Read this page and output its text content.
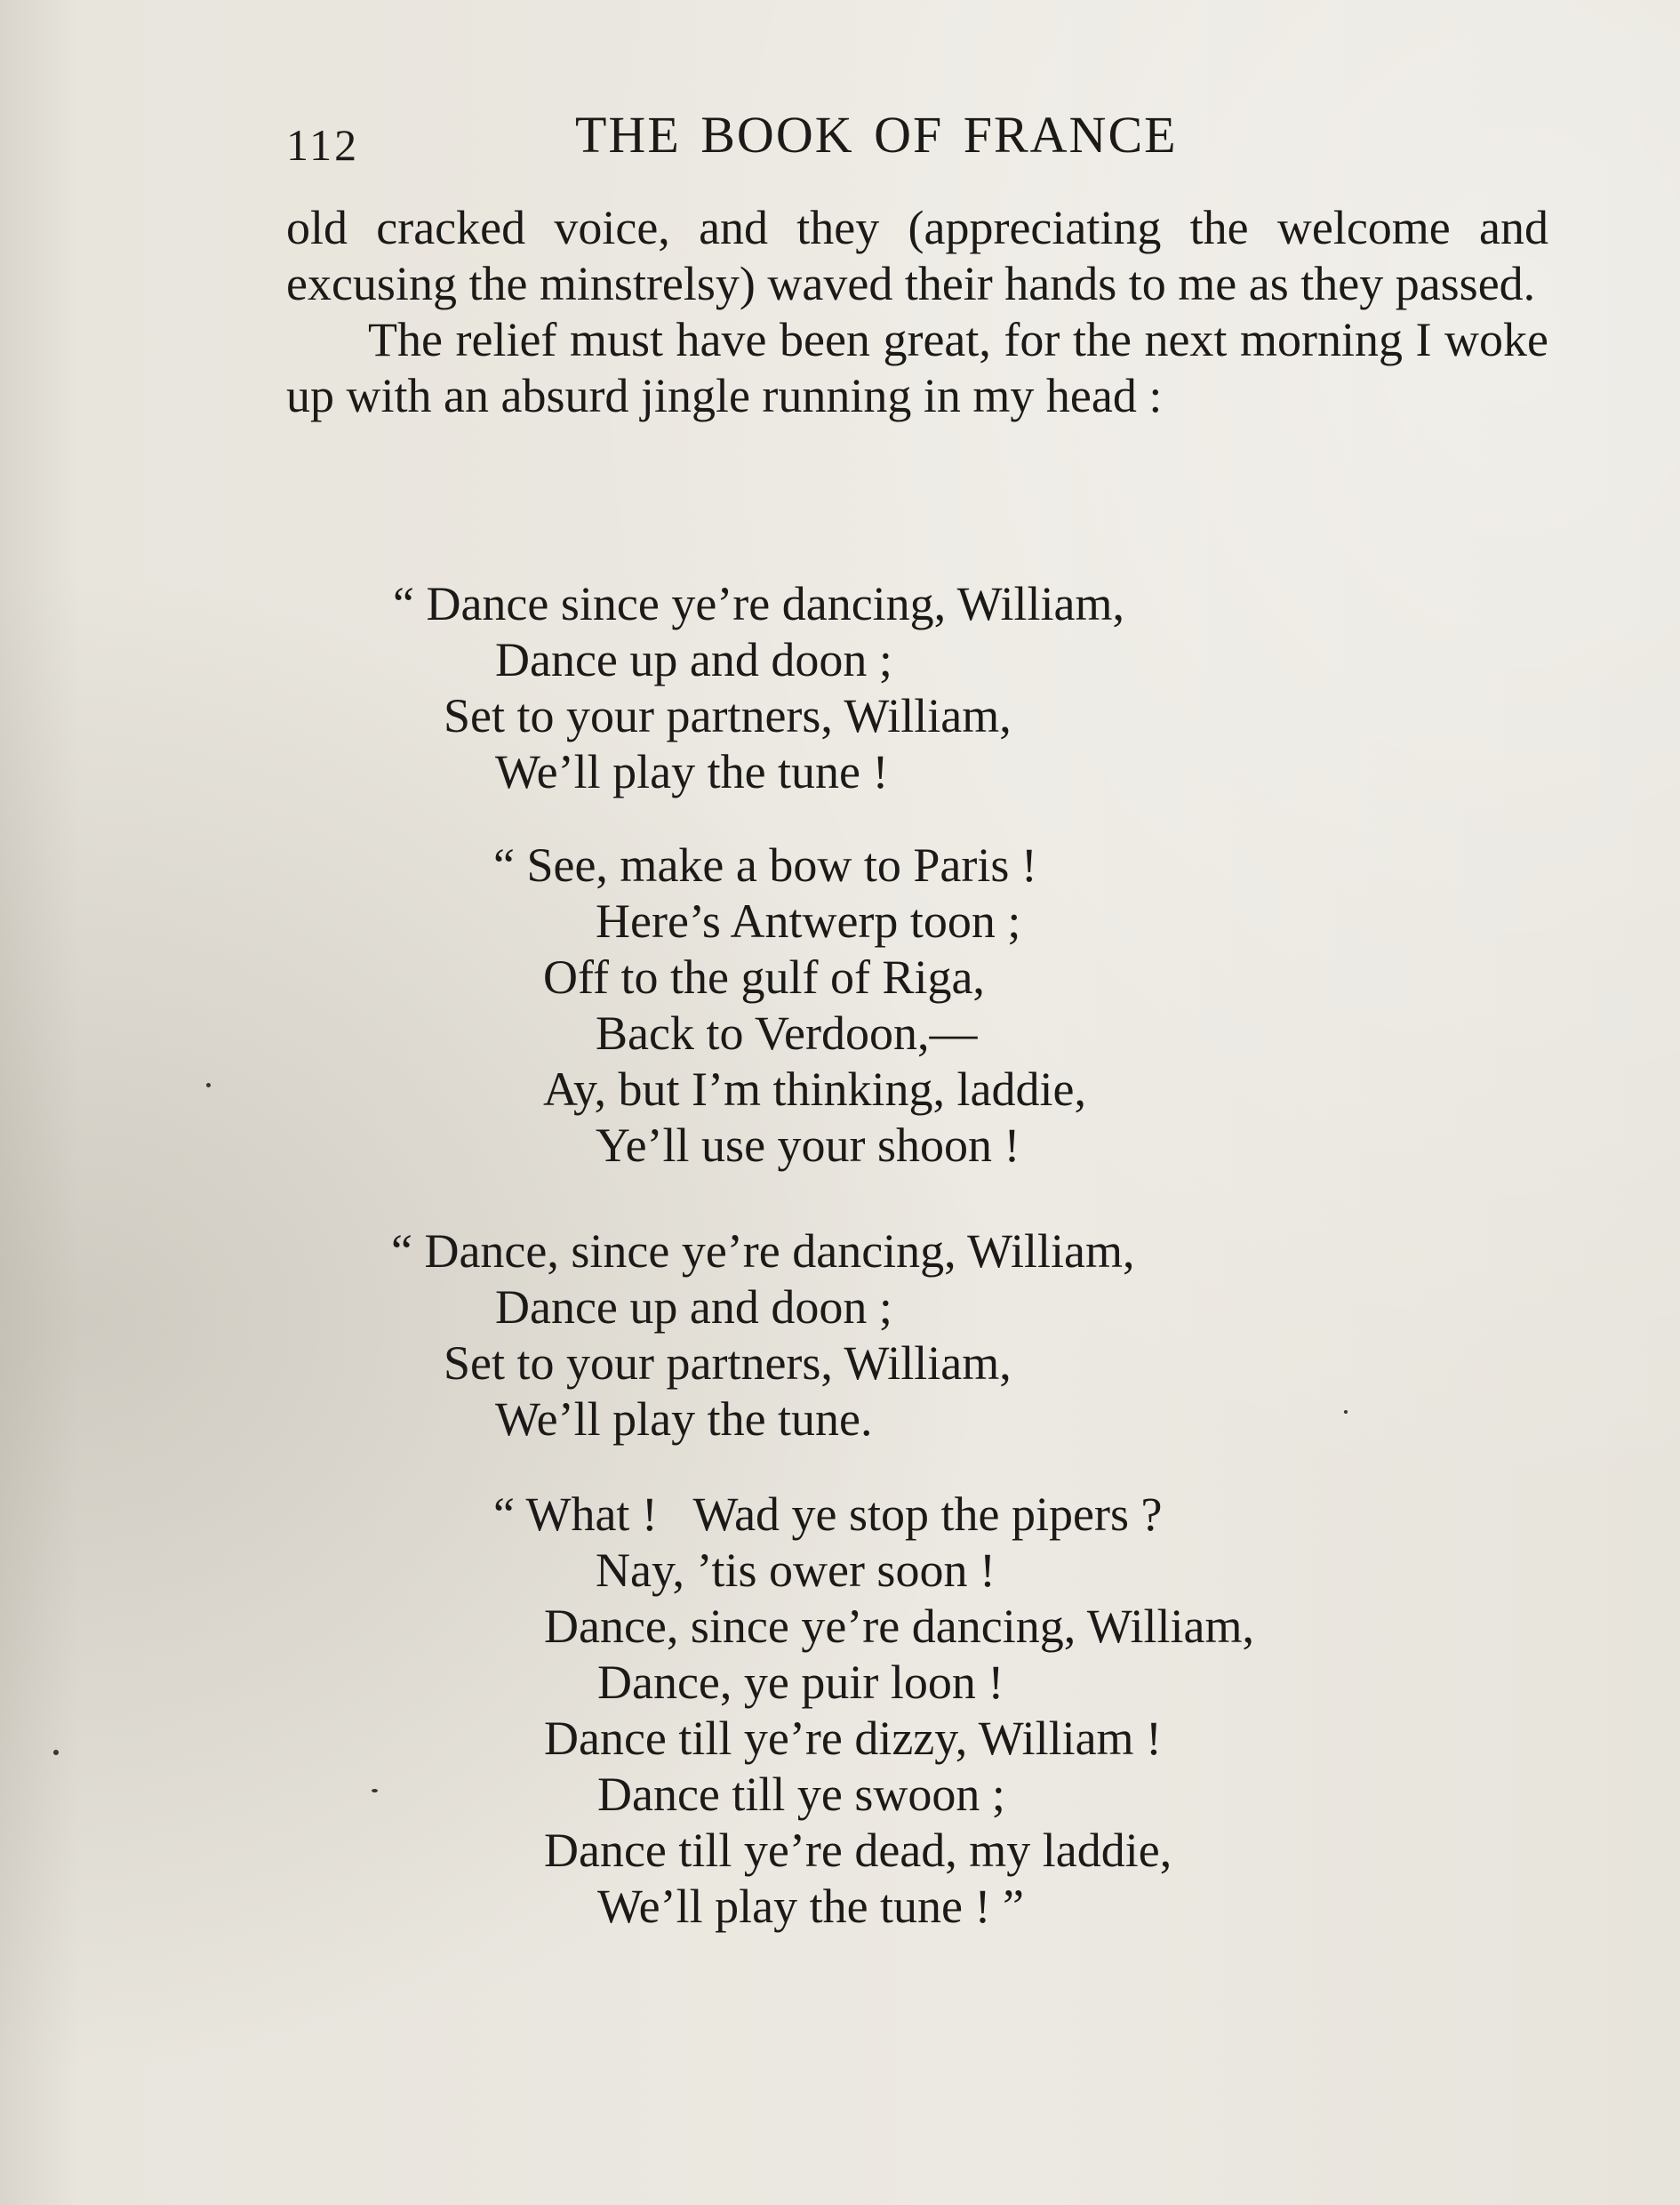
112	THE BOOK OF FRANCE

old cracked voice, and they (appreciating the welcome and excusing the minstrelsy) waved their hands to me as they passed.

The relief must have been great, for the next morning I woke up with an absurd jingle running in my head :

“ Dance since ye’re dancing, William,
Dance up and doon ;
Set to your partners, William,
We’ll play the tune !
“ See, make a bow to Paris !
Here’s Antwerp toon ;
Off to the gulf of Riga,
Back to Verdoon,—
Ay, but I’m thinking, laddie,
Ye’ll use your shoon !
“ Dance, since ye’re dancing, William,
Dance up and doon ;
Set to your partners, William,
We’ll play the tune.
“ What !   Wad ye stop the pipers ?
Nay, ’tis ower soon !
Dance, since ye’re dancing, William,
Dance, ye puir loon !
Dance till ye’re dizzy, William !
Dance till ye swoon ;
Dance till ye’re dead, my laddie,
We’ll play the tune ! ”
